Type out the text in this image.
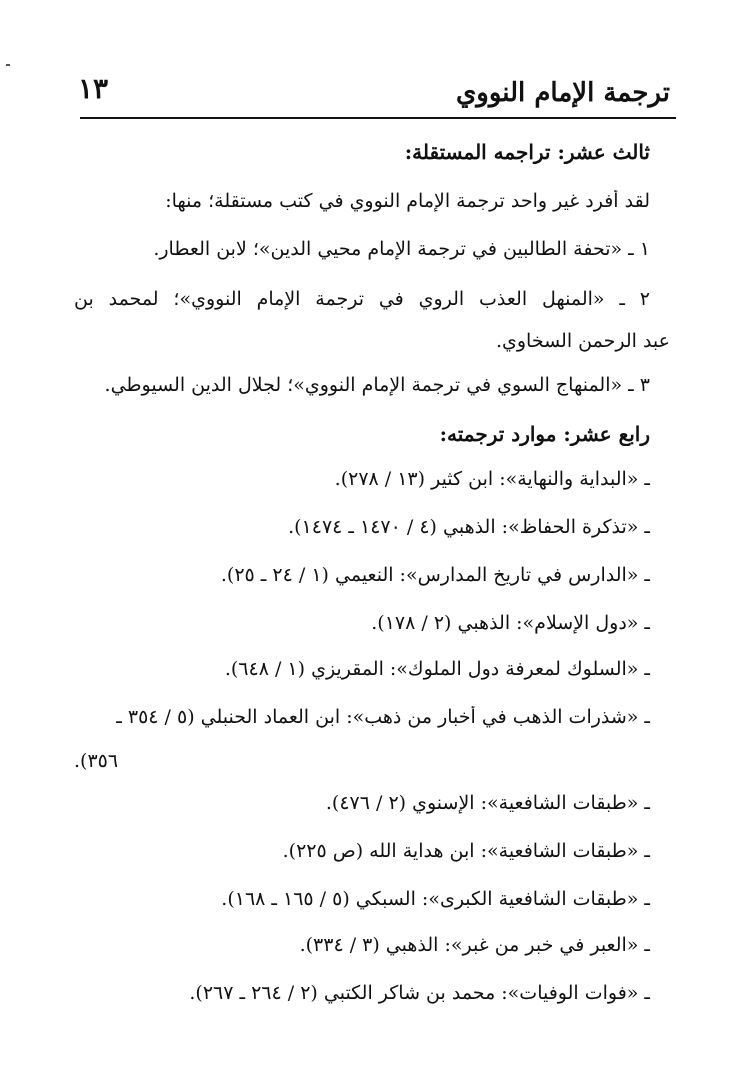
ترجمة الإمام النووي
١٣
ثالث عشر: تراجمه المستقلة:
لقد أفرد غير واحد ترجمة الإمام النووي في كتب مستقلة؛ منها:
١ ـ «تحفة الطالبين في ترجمة الإمام محيي الدين»؛ لابن العطار.
٢ ـ «المنهل العذب الروي في ترجمة الإمام النووي»؛ لمحمد بن
عبد الرحمن السخاوي.
٣ ـ «المنهاج السوي في ترجمة الإمام النووي»؛ لجلال الدين السيوطي.
رابع عشر: موارد ترجمته:
ـ«البداية والنهاية»: ابن كثير (١٣ / ٢٧٨).
ـ«تذكرة الحفاظ»: الذهبي (٤ / ١٤٧٠ ـ ١٤٧٤).
ـ«الدارس في تاريخ المدارس»: النعيمي (١ / ٢٤ ـ ٢٥).
ـ«دول الإسلام»: الذهبي (٢ / ١٧٨).
ـ«السلوك لمعرفة دول الملوك»: المقريزي (١ / ٦٤٨).
ـ«شذرات الذهب في أخبار من ذهب»: ابن العماد الحنبلي (٥ / ٣٥٤ ـ
٣٥٦).
ـ«طبقات الشافعية»: الإسنوي (٢ / ٤٧٦).
ـ«طبقات الشافعية»: ابن هداية الله (ص ٢٢٥).
ـ«طبقات الشافعية الكبرى»: السبكي (٥ / ١٦٥ ـ ١٦٨).
ـ«العبر في خبر من غبر»: الذهبي (٣ / ٣٣٤).
ـ«فوات الوفيات»: محمد بن شاكر الكتبي (٢ / ٢٦٤ ـ ٢٦٧).
